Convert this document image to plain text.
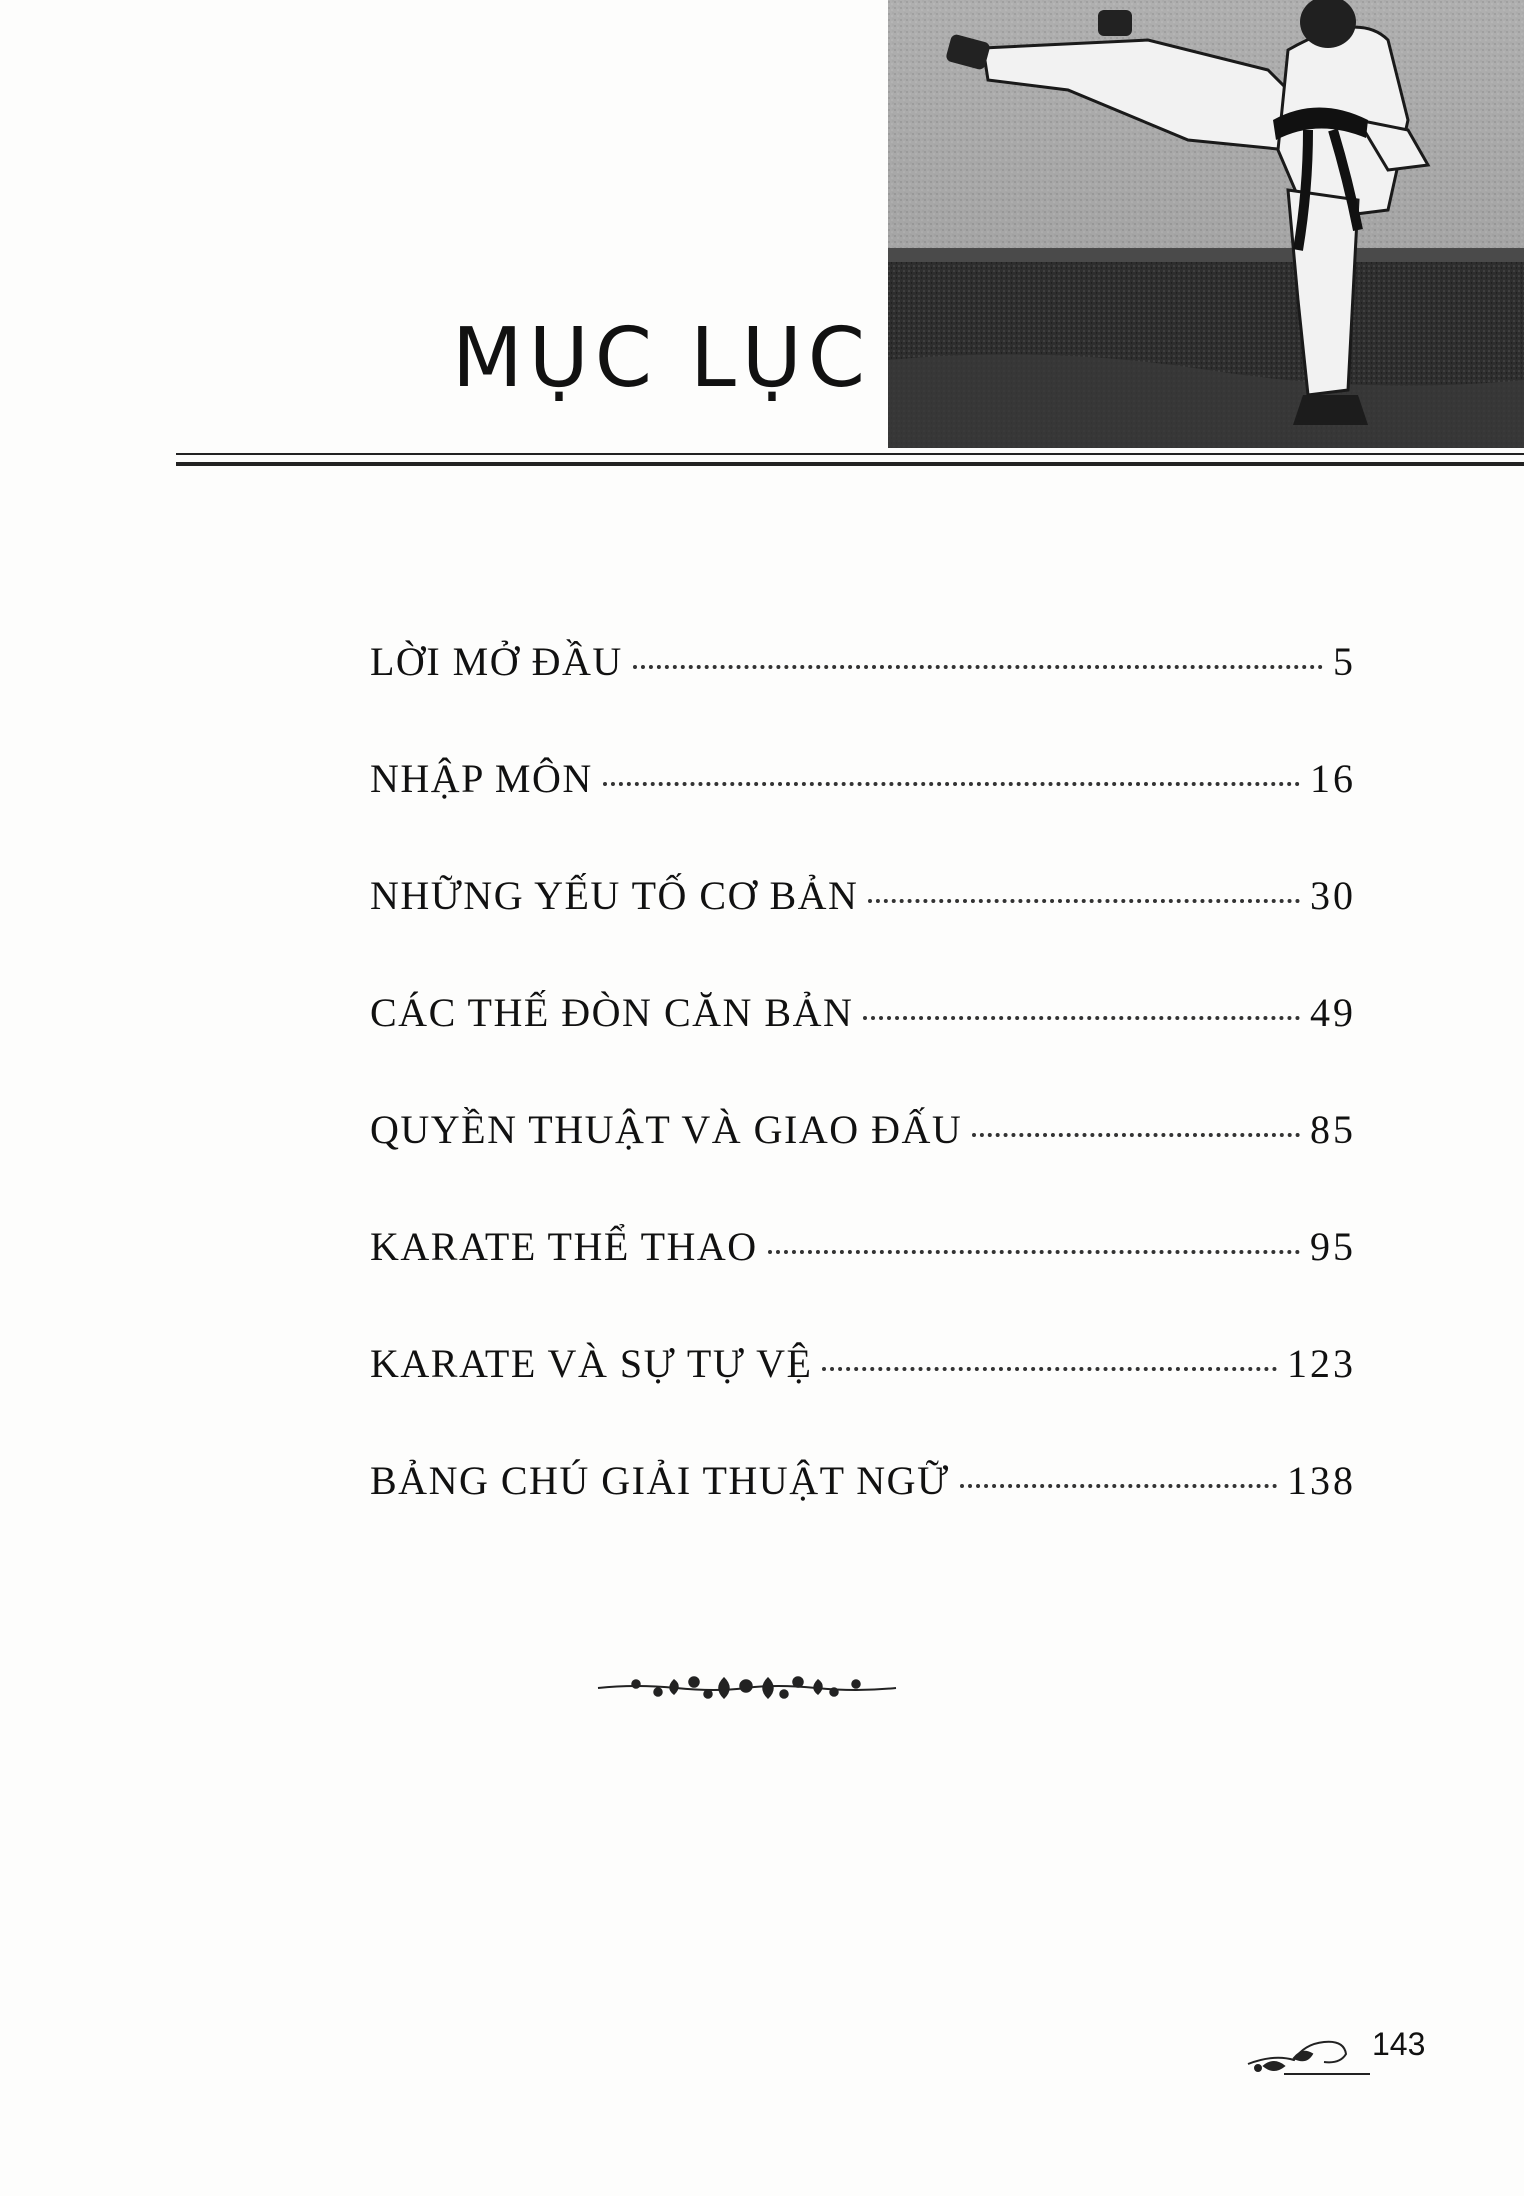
MỤC LỤC
LỜI MỞ ĐẦU	5
NHẬP MÔN	16
NHỮNG YẾU TỐ CƠ BẢN	30
CÁC THẾ ĐÒN CĂN BẢN	49
QUYỀN THUẬT VÀ GIAO ĐẤU	85
KARATE THỂ THAO	95
KARATE VÀ SỰ TỰ VỆ	123
BẢNG CHÚ GIẢI THUẬT NGỮ	138
143
